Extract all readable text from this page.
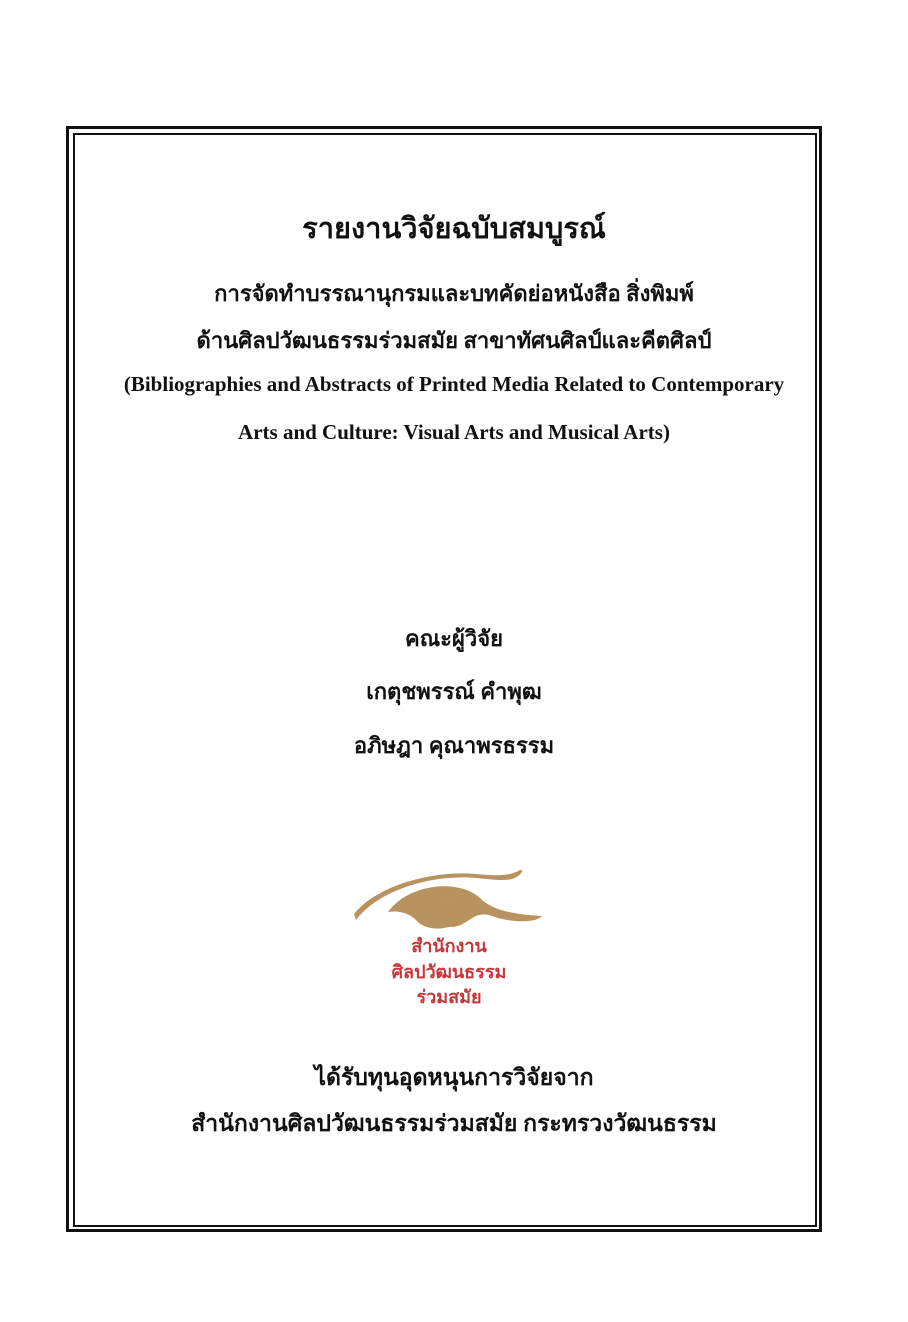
รายงานวิจัยฉบับสมบูรณ์
การจัดทำบรรณานุกรมและบทคัดย่อหนังสือ สิ่งพิมพ์
ด้านศิลปวัฒนธรรมร่วมสมัย สาขาทัศนศิลป์และคีตศิลป์
(Bibliographies and Abstracts of Printed Media Related to Contemporary
Arts and Culture: Visual Arts and Musical Arts)
คณะผู้วิจัย
เกตุชพรรณ์ คำพุฒ
อภิษฎา คุณาพรธรรม
สำนักงาน
ศิลปวัฒนธรรม
ร่วมสมัย
ได้รับทุนอุดหนุนการวิจัยจาก
สำนักงานศิลปวัฒนธรรมร่วมสมัย กระทรวงวัฒนธรรม
